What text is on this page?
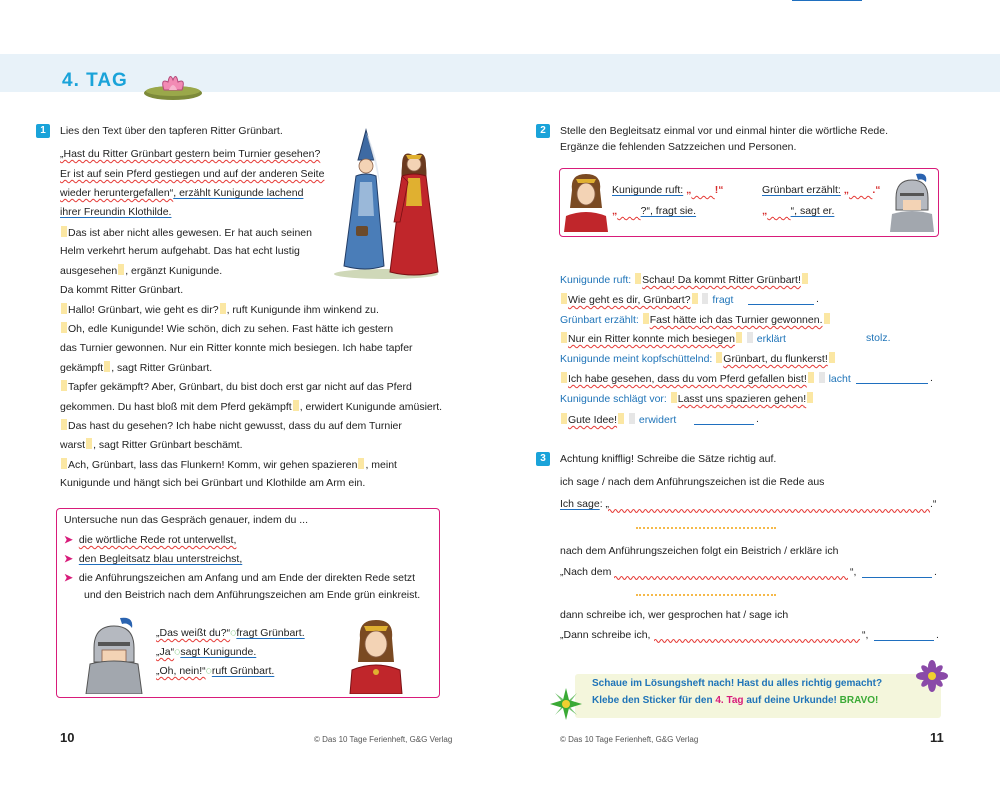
4. TAG
1	Lies den Text über den tapferen Ritter Grünbart.
„Hast du Ritter Grünbart gestern beim Turnier gesehen?
Er ist auf sein Pferd gestiegen und auf der anderen Seite
wieder heruntergefallen“, erzählt Kunigunde lachend
ihrer Freundin Klothilde.
Das ist aber nicht alles gewesen. Er hat auch seinen
Helm verkehrt herum aufgehabt. Das hat echt lustig
ausgesehen , ergänzt Kunigunde.
Da kommt Ritter Grünbart.
Hallo! Grünbart, wie geht es dir? , ruft Kunigunde ihm winkend zu.
Oh, edle Kunigunde! Wie schön, dich zu sehen. Fast hätte ich gestern
das Turnier gewonnen. Nur ein Ritter konnte mich besiegen. Ich habe tapfer
gekämpft , sagt Ritter Grünbart.
Tapfer gekämpft? Aber, Grünbart, du bist doch erst gar nicht auf das Pferd
gekommen. Du hast bloß mit dem Pferd gekämpft , erwidert Kunigunde amüsiert.
Das hast du gesehen? Ich habe nicht gewusst, dass du auf dem Turnier
warst , sagt Ritter Grünbart beschämt.
Ach, Grünbart, lass das Flunkern! Komm, wir gehen spazieren , meint
Kunigunde und hängt sich bei Grünbart und Klothilde am Arm ein.
Untersuche nun das Gespräch genauer, indem du ...
➤ die wörtliche Rede rot unterwellst,
➤ den Begleitsatz blau unterstreichst,
➤ die Anführungszeichen am Anfang und am Ende der direkten Rede setzt
und den Beistrich nach dem Anführungszeichen am Ende grün einkreist.
„Das weißt du?“◌fragt Grünbart.
„Ja“◌sagt Kunigunde.
„Oh, nein!“◌ruft Grünbart.
10	© Das 10 Tage Ferienheft, G&G Verlag
2	Stelle den Begleitsatz einmal vor und einmal hinter die wörtliche Rede.
Ergänze die fehlenden Satzzeichen und Personen.
Kunigunde ruft: „ !“	Grünbart erzählt: „ .“
„ ?“, fragt sie.	„ “, sagt er.
Kunigunde ruft: Schau! Da kommt Ritter Grünbart!
Wie geht es dir, Grünbart? fragt	.
Grünbart erzählt: Fast hätte ich das Turnier gewonnen.
Nur ein Ritter konnte mich besiegen erklärt	stolz.
Kunigunde meint kopfschüttelnd: Grünbart, du flunkerst!
Ich habe gesehen, dass du vom Pferd gefallen bist! lacht	.
Kunigunde schlägt vor: Lasst uns spazieren gehen!
Gute Idee! erwidert	.
3	Achtung knifflig! Schreibe die Sätze richtig auf.
ich sage / nach dem Anführungszeichen ist die Rede aus
Ich sage: „	.“
nach dem Anführungszeichen folgt ein Beistrich / erkläre ich
„Nach dem	“,	.
dann schreibe ich, wer gesprochen hat / sage ich
„Dann schreibe ich,	“,	.
Schaue im Lösungsheft nach! Hast du alles richtig gemacht?
Klebe den Sticker für den 4. Tag auf deine Urkunde! BRAVO!
© Das 10 Tage Ferienheft, G&G Verlag	11
